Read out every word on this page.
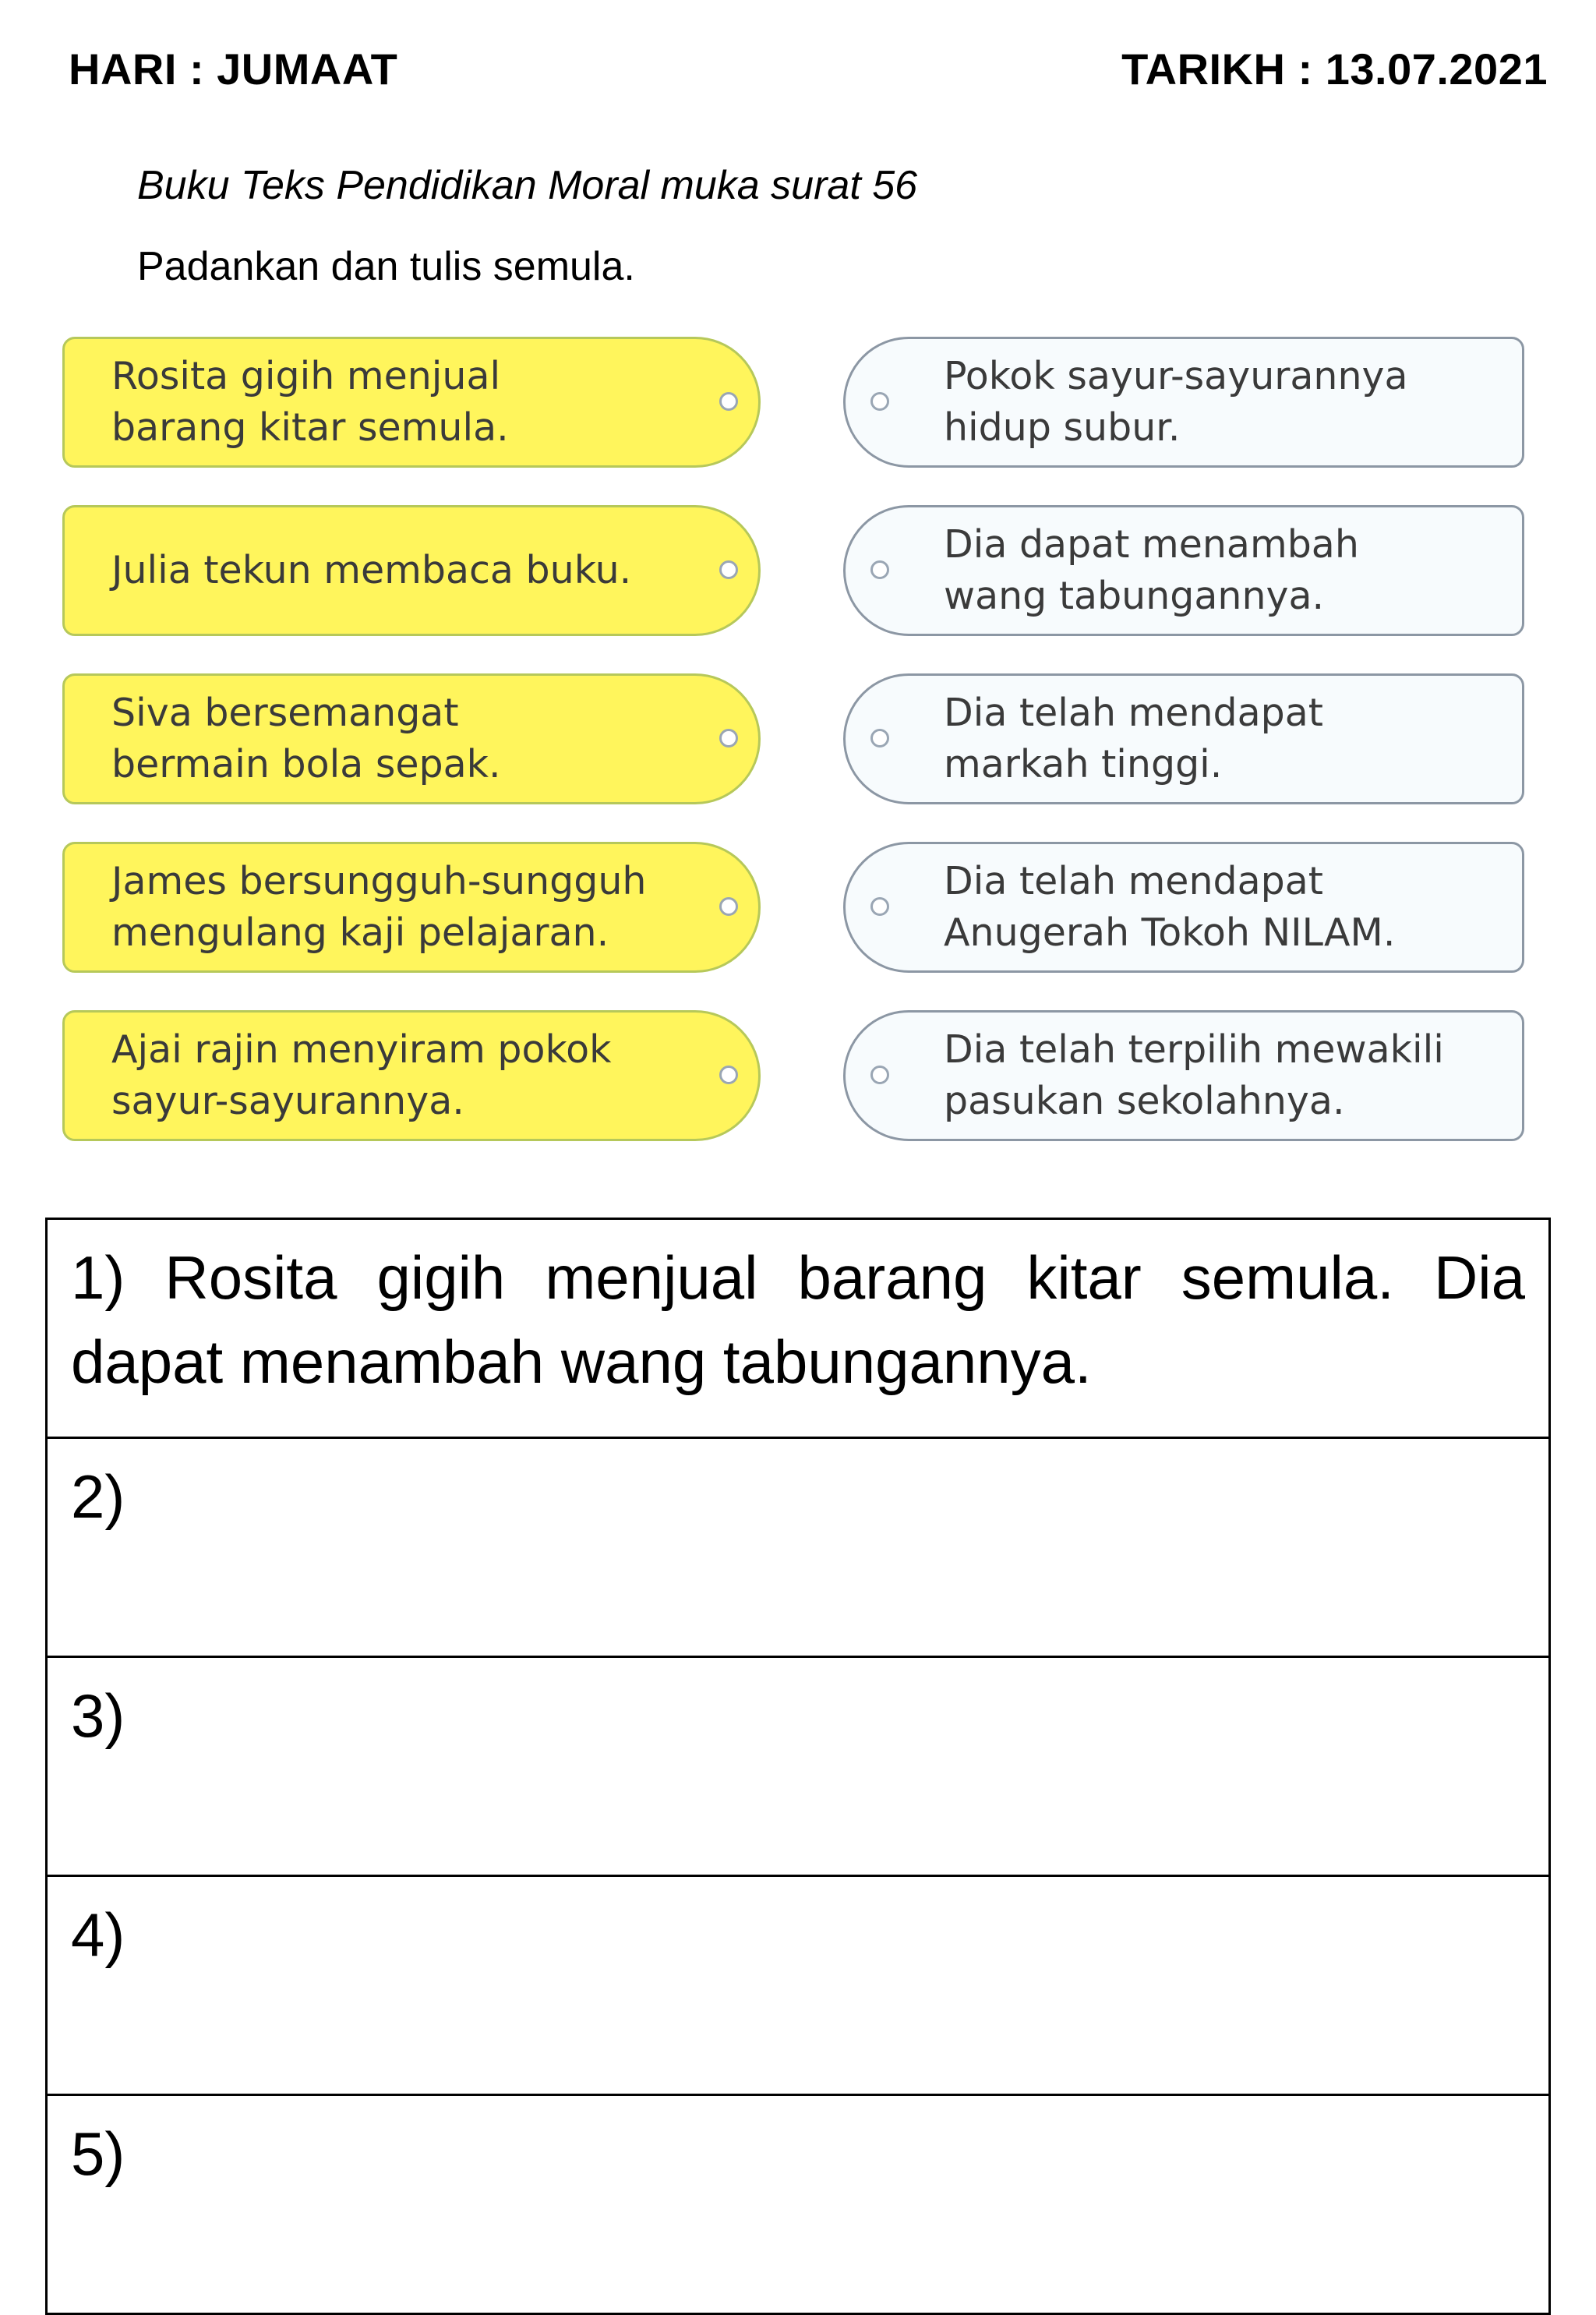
HARI : JUMAAT	TARIKH : 13.07.2021
Buku Teks Pendidikan Moral muka surat 56
Padankan dan tulis semula.
Rosita gigih menjual
barang kitar semula.
Julia tekun membaca buku.
Siva bersemangat
bermain bola sepak.
James bersungguh-sungguh
mengulang kaji pelajaran.
Ajai rajin menyiram pokok
sayur-sayurannya.
Pokok sayur-sayurannya
hidup subur.
Dia dapat menambah
wang tabungannya.
Dia telah mendapat
markah tinggi.
Dia telah mendapat
Anugerah Tokoh NILAM.
Dia telah terpilih mewakili
pasukan sekolahnya.
1) Rosita gigih menjual barang kitar semula. Dia dapat menambah wang tabungannya.
2)
3)
4)
5)
